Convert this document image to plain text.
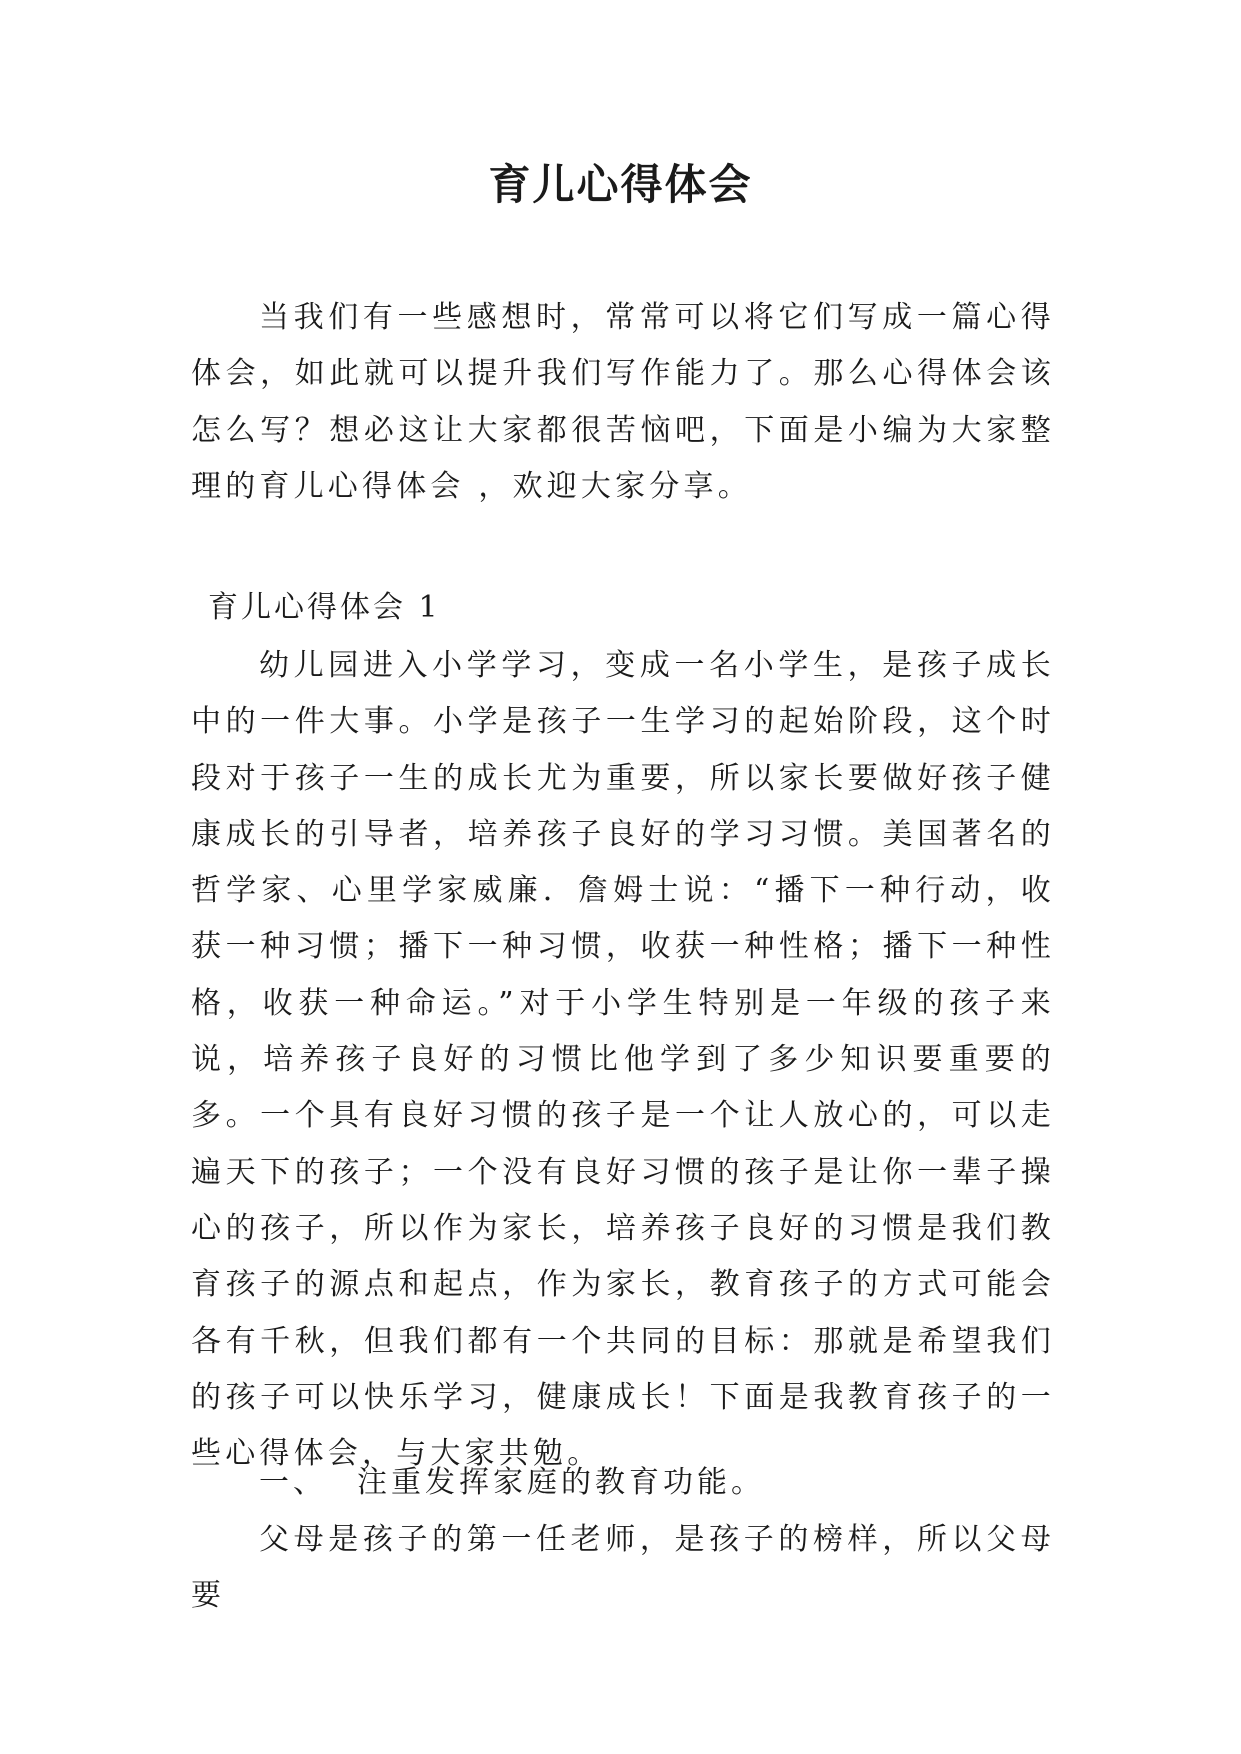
育儿心得体会

当我们有一些感想时，常常可以将它们写成一篇心得体会，如此就可以提升我们写作能力了。那么心得体会该怎么写？想必这让大家都很苦恼吧，下面是小编为大家整理的育儿心得体会 ，欢迎大家分享。

育儿心得体会 1

幼儿园进入小学学习，变成一名小学生，是孩子成长中的一件大事。小学是孩子一生学习的起始阶段，这个时段对于孩子一生的成长尤为重要，所以家长要做好孩子健康成长的引导者，培养孩子良好的学习习惯。美国著名的哲学家、心里学家威廉．詹姆士说：“播下一种行动，收获一种习惯；播下一种习惯，收获一种性格；播下一种性格，收获一种命运。”对于小学生特别是一年级的孩子来说，培养孩子良好的习惯比他学到了多少知识要重要的多。一个具有良好习惯的孩子是一个让人放心的，可以走遍天下的孩子；一个没有良好习惯的孩子是让你一辈子操心的孩子，所以作为家长，培养孩子良好的习惯是我们教育孩子的源点和起点，作为家长，教育孩子的方式可能会各有千秋，但我们都有一个共同的目标：那就是希望我们的孩子可以快乐学习，健康成长！下面是我教育孩子的一些心得体会，与大家共勉。

一、 注重发挥家庭的教育功能。

父母是孩子的第一任老师，是孩子的榜样，所以父母要
